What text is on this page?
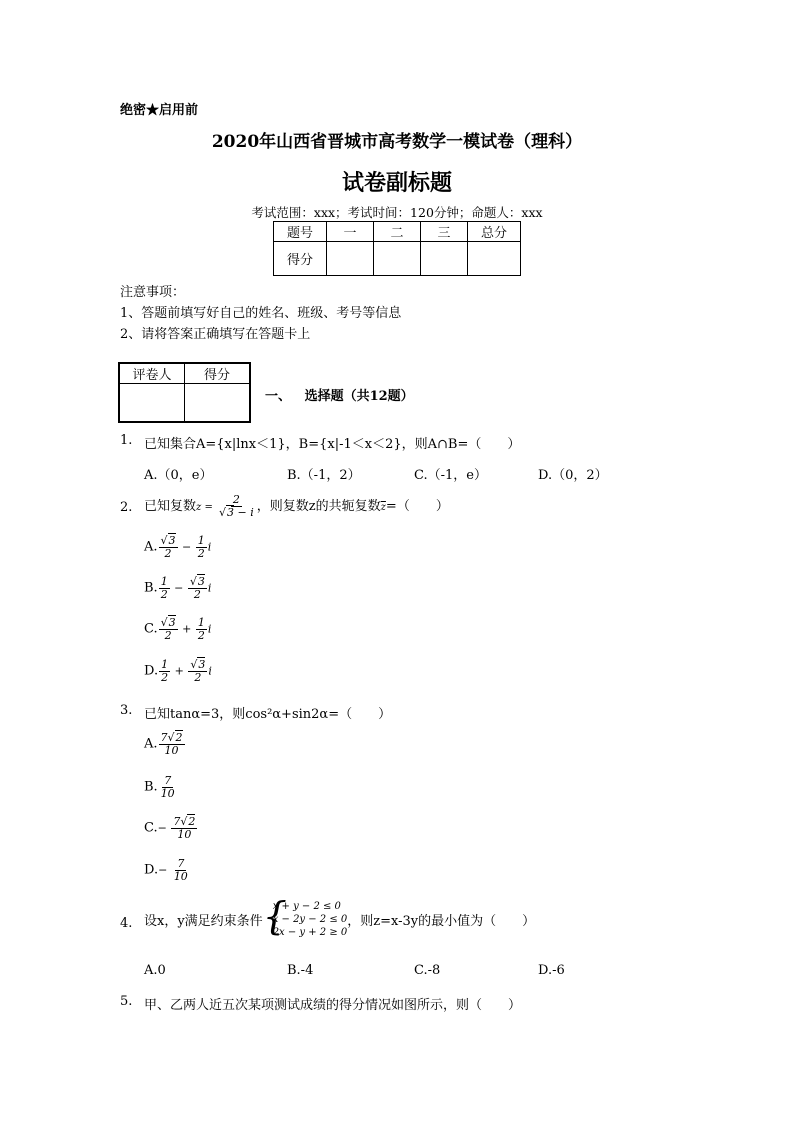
绝密★启用前
2020年山西省晋城市高考数学一模试卷（理科）
试卷副标题
考试范围：xxx；考试时间：120分钟；命题人：xxx
题号	一	二	三	总分
得分				
注意事项：
1、答题前填写好自己的姓名、班级、考号等信息
2、请将答案正确填写在答题卡上
评卷人	得分

一、 选择题（共12题）
1. 已知集合A={x|lnx＜1}，B={x|-1＜x＜2}，则A∩B=（　　）
A.（0，e）	B.（-1，2）	C.（-1，e）	D.（0，2）
2. 已知复数$z = \frac{2}{√3 - i}$ ，则复数z的共轭复数$\overline{z}=$（　　）
A. $\frac{√3}{2} - \frac{1}{2}$ i
B. $\frac{1}{2} - \frac{√3}{2}$ i
C. $\frac{√3}{2} + \frac{1}{2}$ i
D. $\frac{1}{2} + \frac{√3}{2}$ i
3. 已知tanα=3，则cos²α+sin2α=（　　）
A. $\frac{7√2}{10}$
B. $\frac{7}{10}$
$C.- \frac{7√2}{10}$
$D.- \frac{7}{10}$
4. 设x，y满足约束条件 {
x + y − 2 ≤ 0
x − 2y − 2 ≤ 0
2x − y + 2 ≥ 0
，则z=x-3y的最小值为（　　）
A.0	B.-4	C.-8	D.-6
5. 甲、乙两人近五次某项测试成绩的得分情况如图所示，则（　　）
